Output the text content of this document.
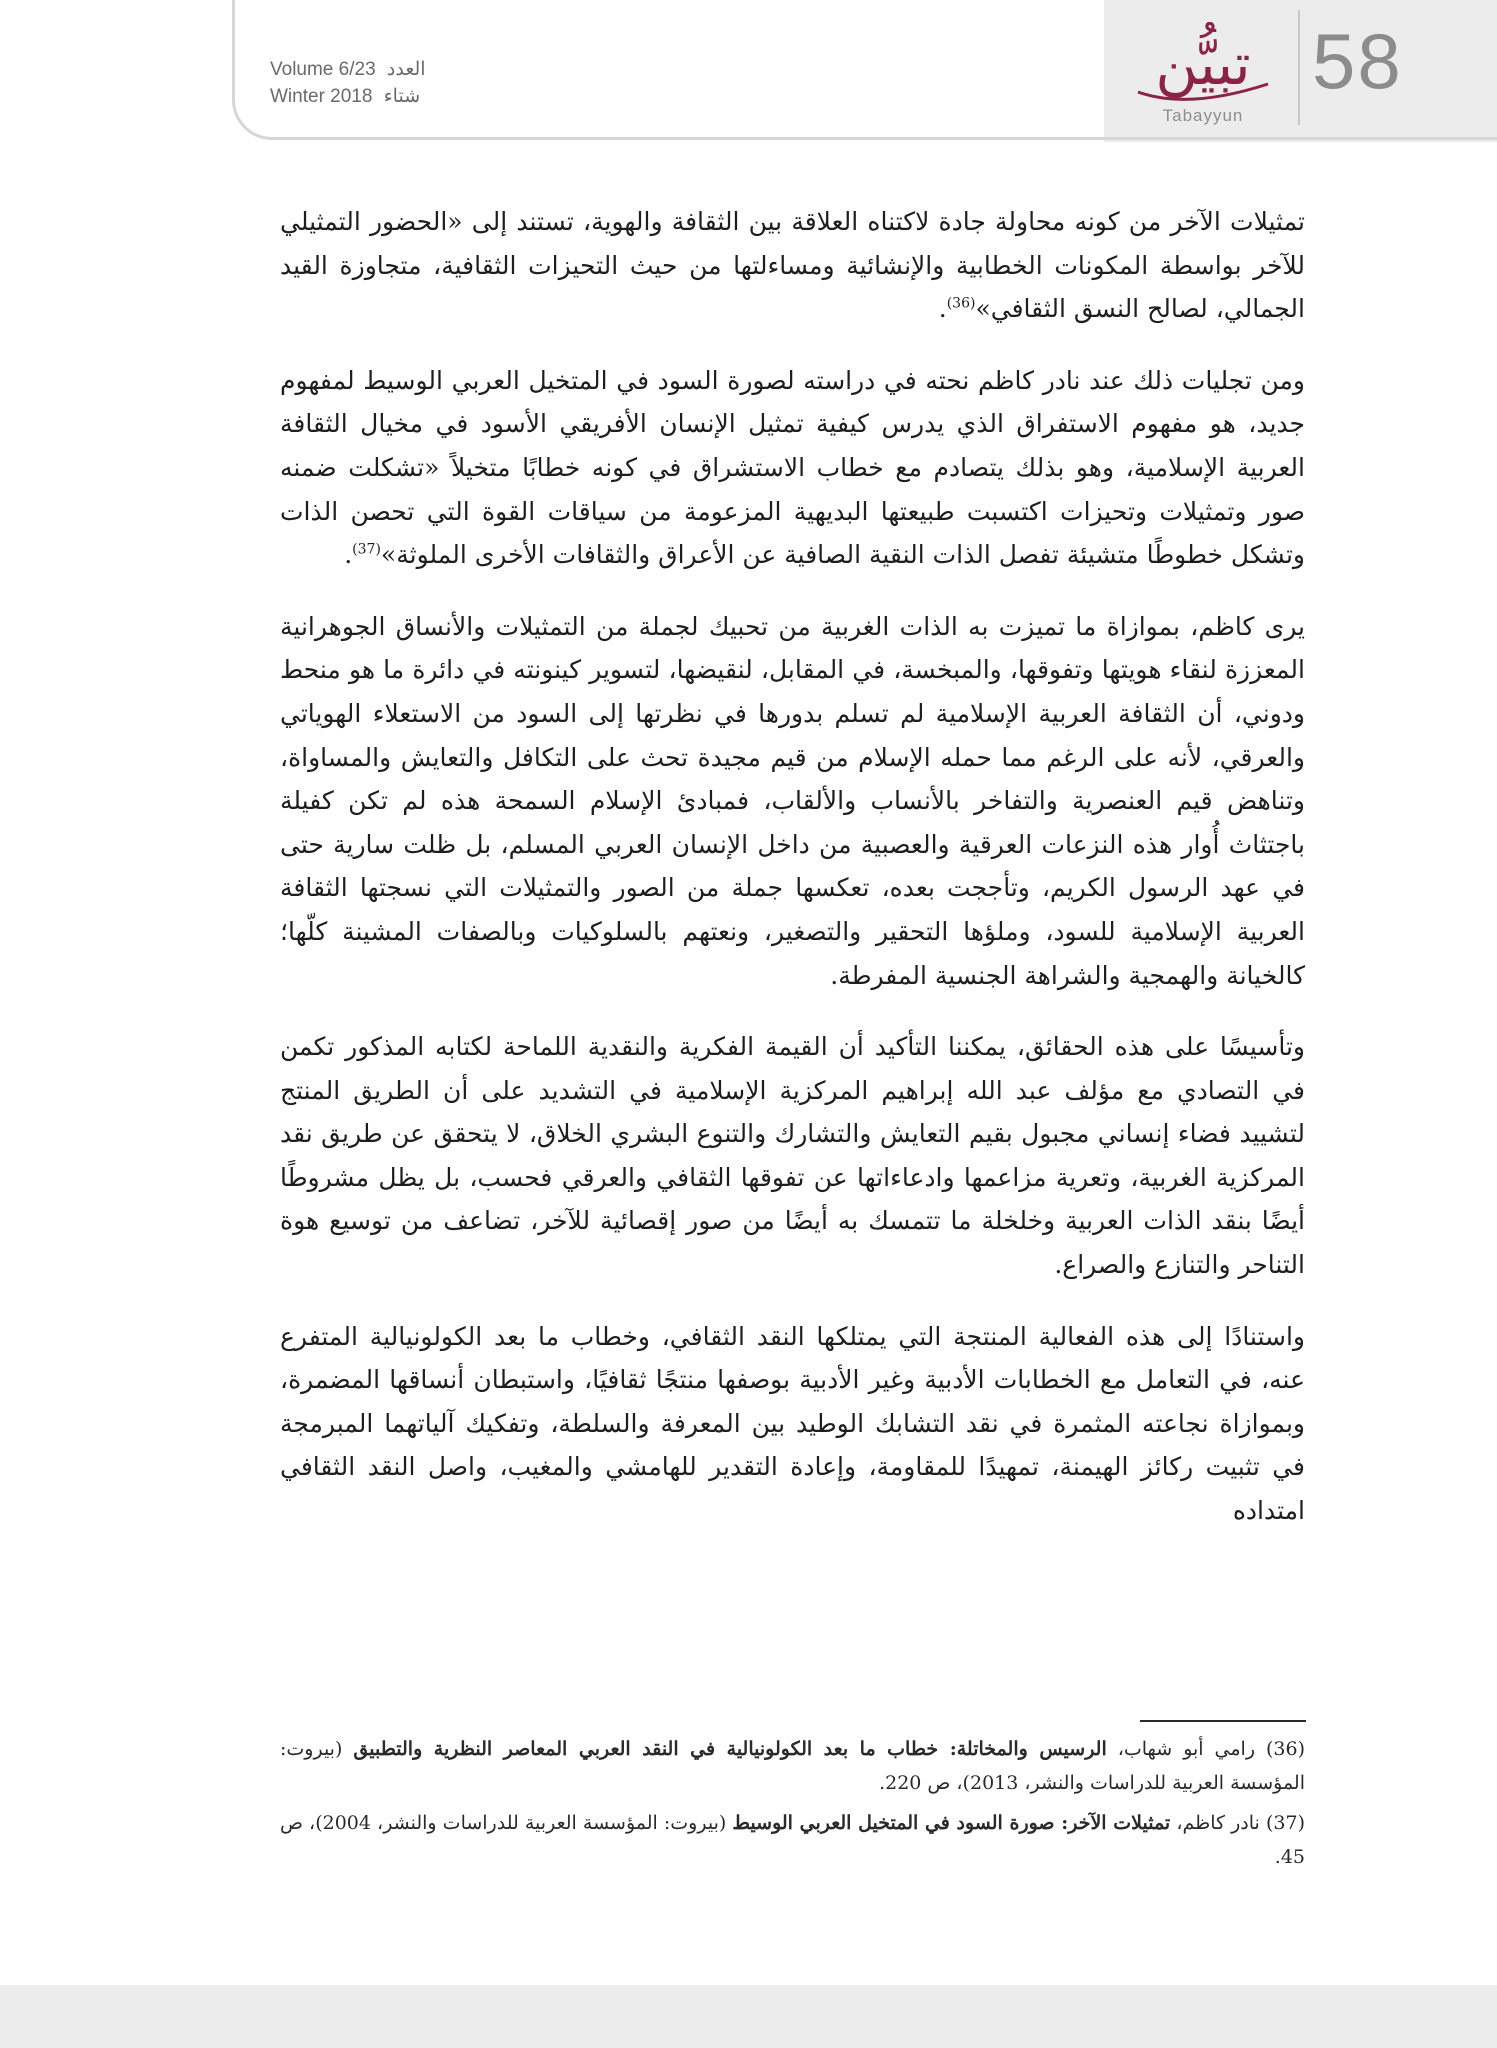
58
تبيُّن
Tabayyun
Volume 6/23 العدد
Winter 2018 شتاء

تمثيلات الآخر من كونه محاولة جادة لاكتناه العلاقة بين الثقافة والهوية، تستند إلى «الحضور التمثيلي للآخر بواسطة المكونات الخطابية والإنشائية ومساءلتها من حيث التحيزات الثقافية، متجاوزة القيد الجمالي، لصالح النسق الثقافي»$^{(36)}$.

ومن تجليات ذلك عند نادر كاظم نحته في دراسته لصورة السود في المتخيل العربي الوسيط لمفهوم جديد، هو مفهوم الاستفراق الذي يدرس كيفية تمثيل الإنسان الأفريقي الأسود في مخيال الثقافة العربية الإسلامية، وهو بذلك يتصادم مع خطاب الاستشراق في كونه خطابًا متخيلاً «تشكلت ضمنه صور وتمثيلات وتحيزات اكتسبت طبيعتها البديهية المزعومة من سياقات القوة التي تحصن الذات وتشكل خطوطًا متشيئة تفصل الذات النقية الصافية عن الأعراق والثقافات الأخرى الملوثة»$^{(37)}$.

يرى كاظم، بموازاة ما تميزت به الذات الغربية من تحبيك لجملة من التمثيلات والأنساق الجوهرانية المعززة لنقاء هويتها وتفوقها، والمبخسة، في المقابل، لنقيضها، لتسوير كينونته في دائرة ما هو منحط ودوني، أن الثقافة العربية الإسلامية لم تسلم بدورها في نظرتها إلى السود من الاستعلاء الهوياتي والعرقي، لأنه على الرغم مما حمله الإسلام من قيم مجيدة تحث على التكافل والتعايش والمساواة، وتناهض قيم العنصرية والتفاخر بالأنساب والألقاب، فمبادئ الإسلام السمحة هذه لم تكن كفيلة باجتثاث أُوار هذه النزعات العرقية والعصبية من داخل الإنسان العربي المسلم، بل ظلت سارية حتى في عهد الرسول الكريم، وتأججت بعده، تعكسها جملة من الصور والتمثيلات التي نسجتها الثقافة العربية الإسلامية للسود، وملؤها التحقير والتصغير، ونعتهم بالسلوكيات وبالصفات المشينة كلّها؛ كالخيانة والهمجية والشراهة الجنسية المفرطة.

وتأسيسًا على هذه الحقائق، يمكننا التأكيد أن القيمة الفكرية والنقدية اللماحة لكتابه المذكور تكمن في التصادي مع مؤلف عبد الله إبراهيم المركزية الإسلامية في التشديد على أن الطريق المنتج لتشييد فضاء إنساني مجبول بقيم التعايش والتشارك والتنوع البشري الخلاق، لا يتحقق عن طريق نقد المركزية الغربية، وتعرية مزاعمها وادعاءاتها عن تفوقها الثقافي والعرقي فحسب، بل يظل مشروطًا أيضًا بنقد الذات العربية وخلخلة ما تتمسك به أيضًا من صور إقصائية للآخر، تضاعف من توسيع هوة التناحر والتنازع والصراع.

واستنادًا إلى هذه الفعالية المنتجة التي يمتلكها النقد الثقافي، وخطاب ما بعد الكولونيالية المتفرع عنه، في التعامل مع الخطابات الأدبية وغير الأدبية بوصفها منتجًا ثقافيًا، واستبطان أنساقها المضمرة، وبموازاة نجاعته المثمرة في نقد التشابك الوطيد بين المعرفة والسلطة، وتفكيك آلياتهما المبرمجة في تثبيت ركائز الهيمنة، تمهيدًا للمقاومة، وإعادة التقدير للهامشي والمغيب، واصل النقد الثقافي امتداده

(36) رامي أبو شهاب، الرسيس والمخاتلة: خطاب ما بعد الكولونيالية في النقد العربي المعاصر النظرية والتطبيق (بيروت: المؤسسة العربية للدراسات والنشر، 2013)، ص 220.

(37) نادر كاظم، تمثيلات الآخر: صورة السود في المتخيل العربي الوسيط (بيروت: المؤسسة العربية للدراسات والنشر، 2004)، ص 45.
